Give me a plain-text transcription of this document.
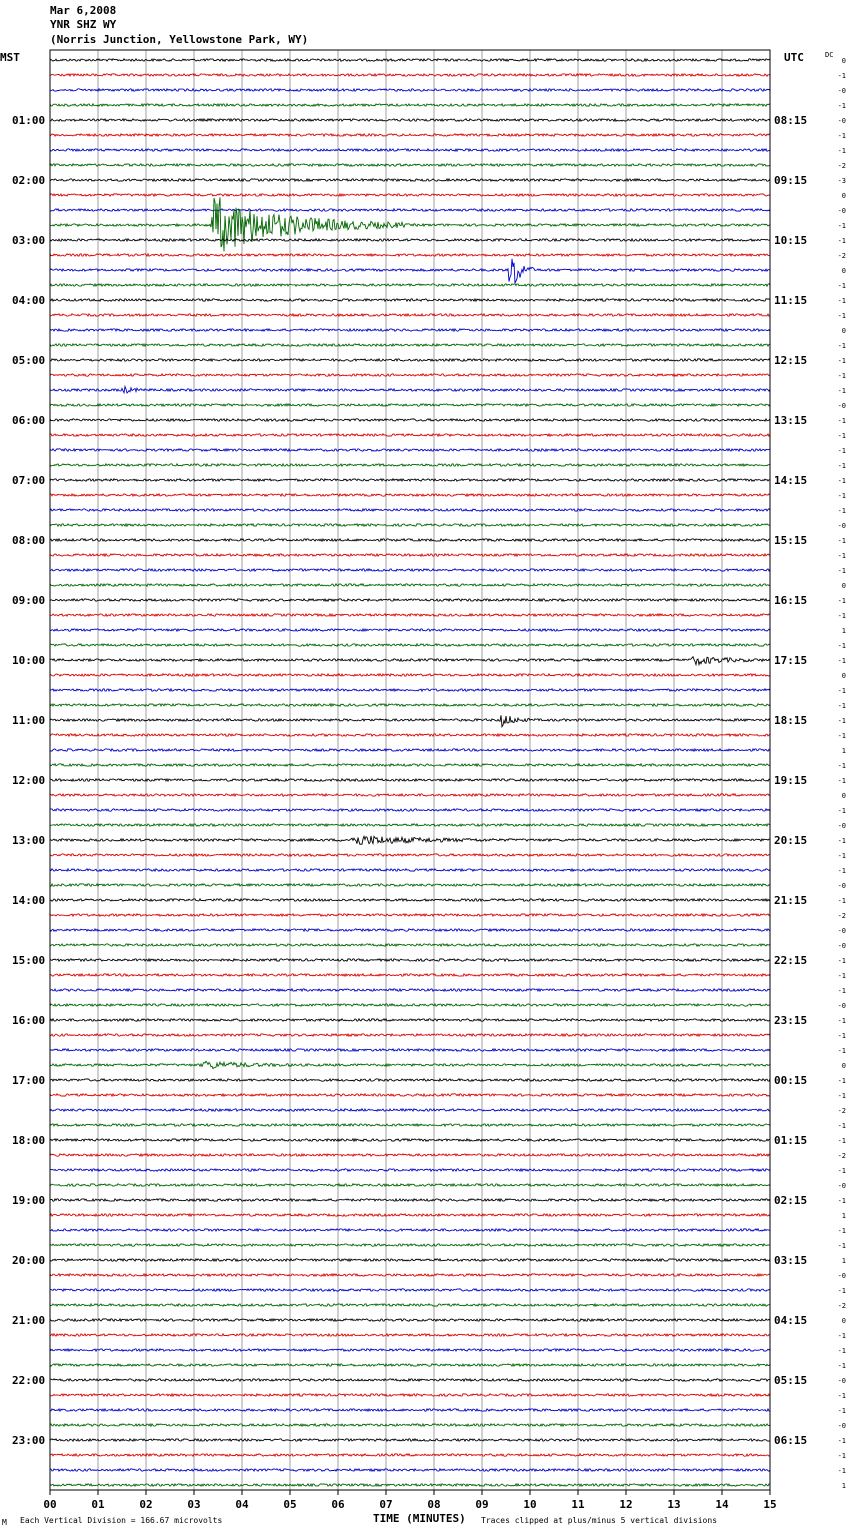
Mar 6,2008
YNR SHZ WY
(Norris Junction, Yellowstone Park, WY)
00	01	02	03	04	05	06	07	08	09	10	11	12	13	14	15
01:00
02:00
03:00
04:00
05:00
06:00
07:00
08:00
09:00
10:00
11:00
12:00
13:00
14:00
15:00
16:00
17:00
18:00
19:00
20:00
21:00
22:00
23:00
08:15
09:15
10:15
11:15
12:15
13:15
14:15
15:15
16:15
17:15
18:15
19:15
20:15
21:15
22:15
23:15
00:15
01:15
02:15
03:15
04:15
05:15
06:15
0
-1
-0
-1
-0
-1
-1
-2
-3
0
-0
-1
-1
-2
0
-1
-1
-1
0
-1
-1
-1
-1
-0
-1
-1
-1
-1
-1
-1
-1
-0
-1
-1
-1
0
-1
-1
1
-1
-1
0
-1
-1
-1
-1
1
-1
-1
0
-1
-0
-1
-1
-1
-0
-1
-2
-0
-0
-1
-1
-1
-0
-1
-1
-1
0
-1
-1
-2
-1
-1
-2
-1
-0
-1
1
-1
-1
1
-0
-1
-2
0
-1
-1
-1
-0
-1
-1
-0
-1
-1
-1
1
MST	UTC	DC
TIME (MINUTES)
M Each Vertical Division = 166.67 microvolts	Traces clipped at plus/minus 5 vertical divisions
